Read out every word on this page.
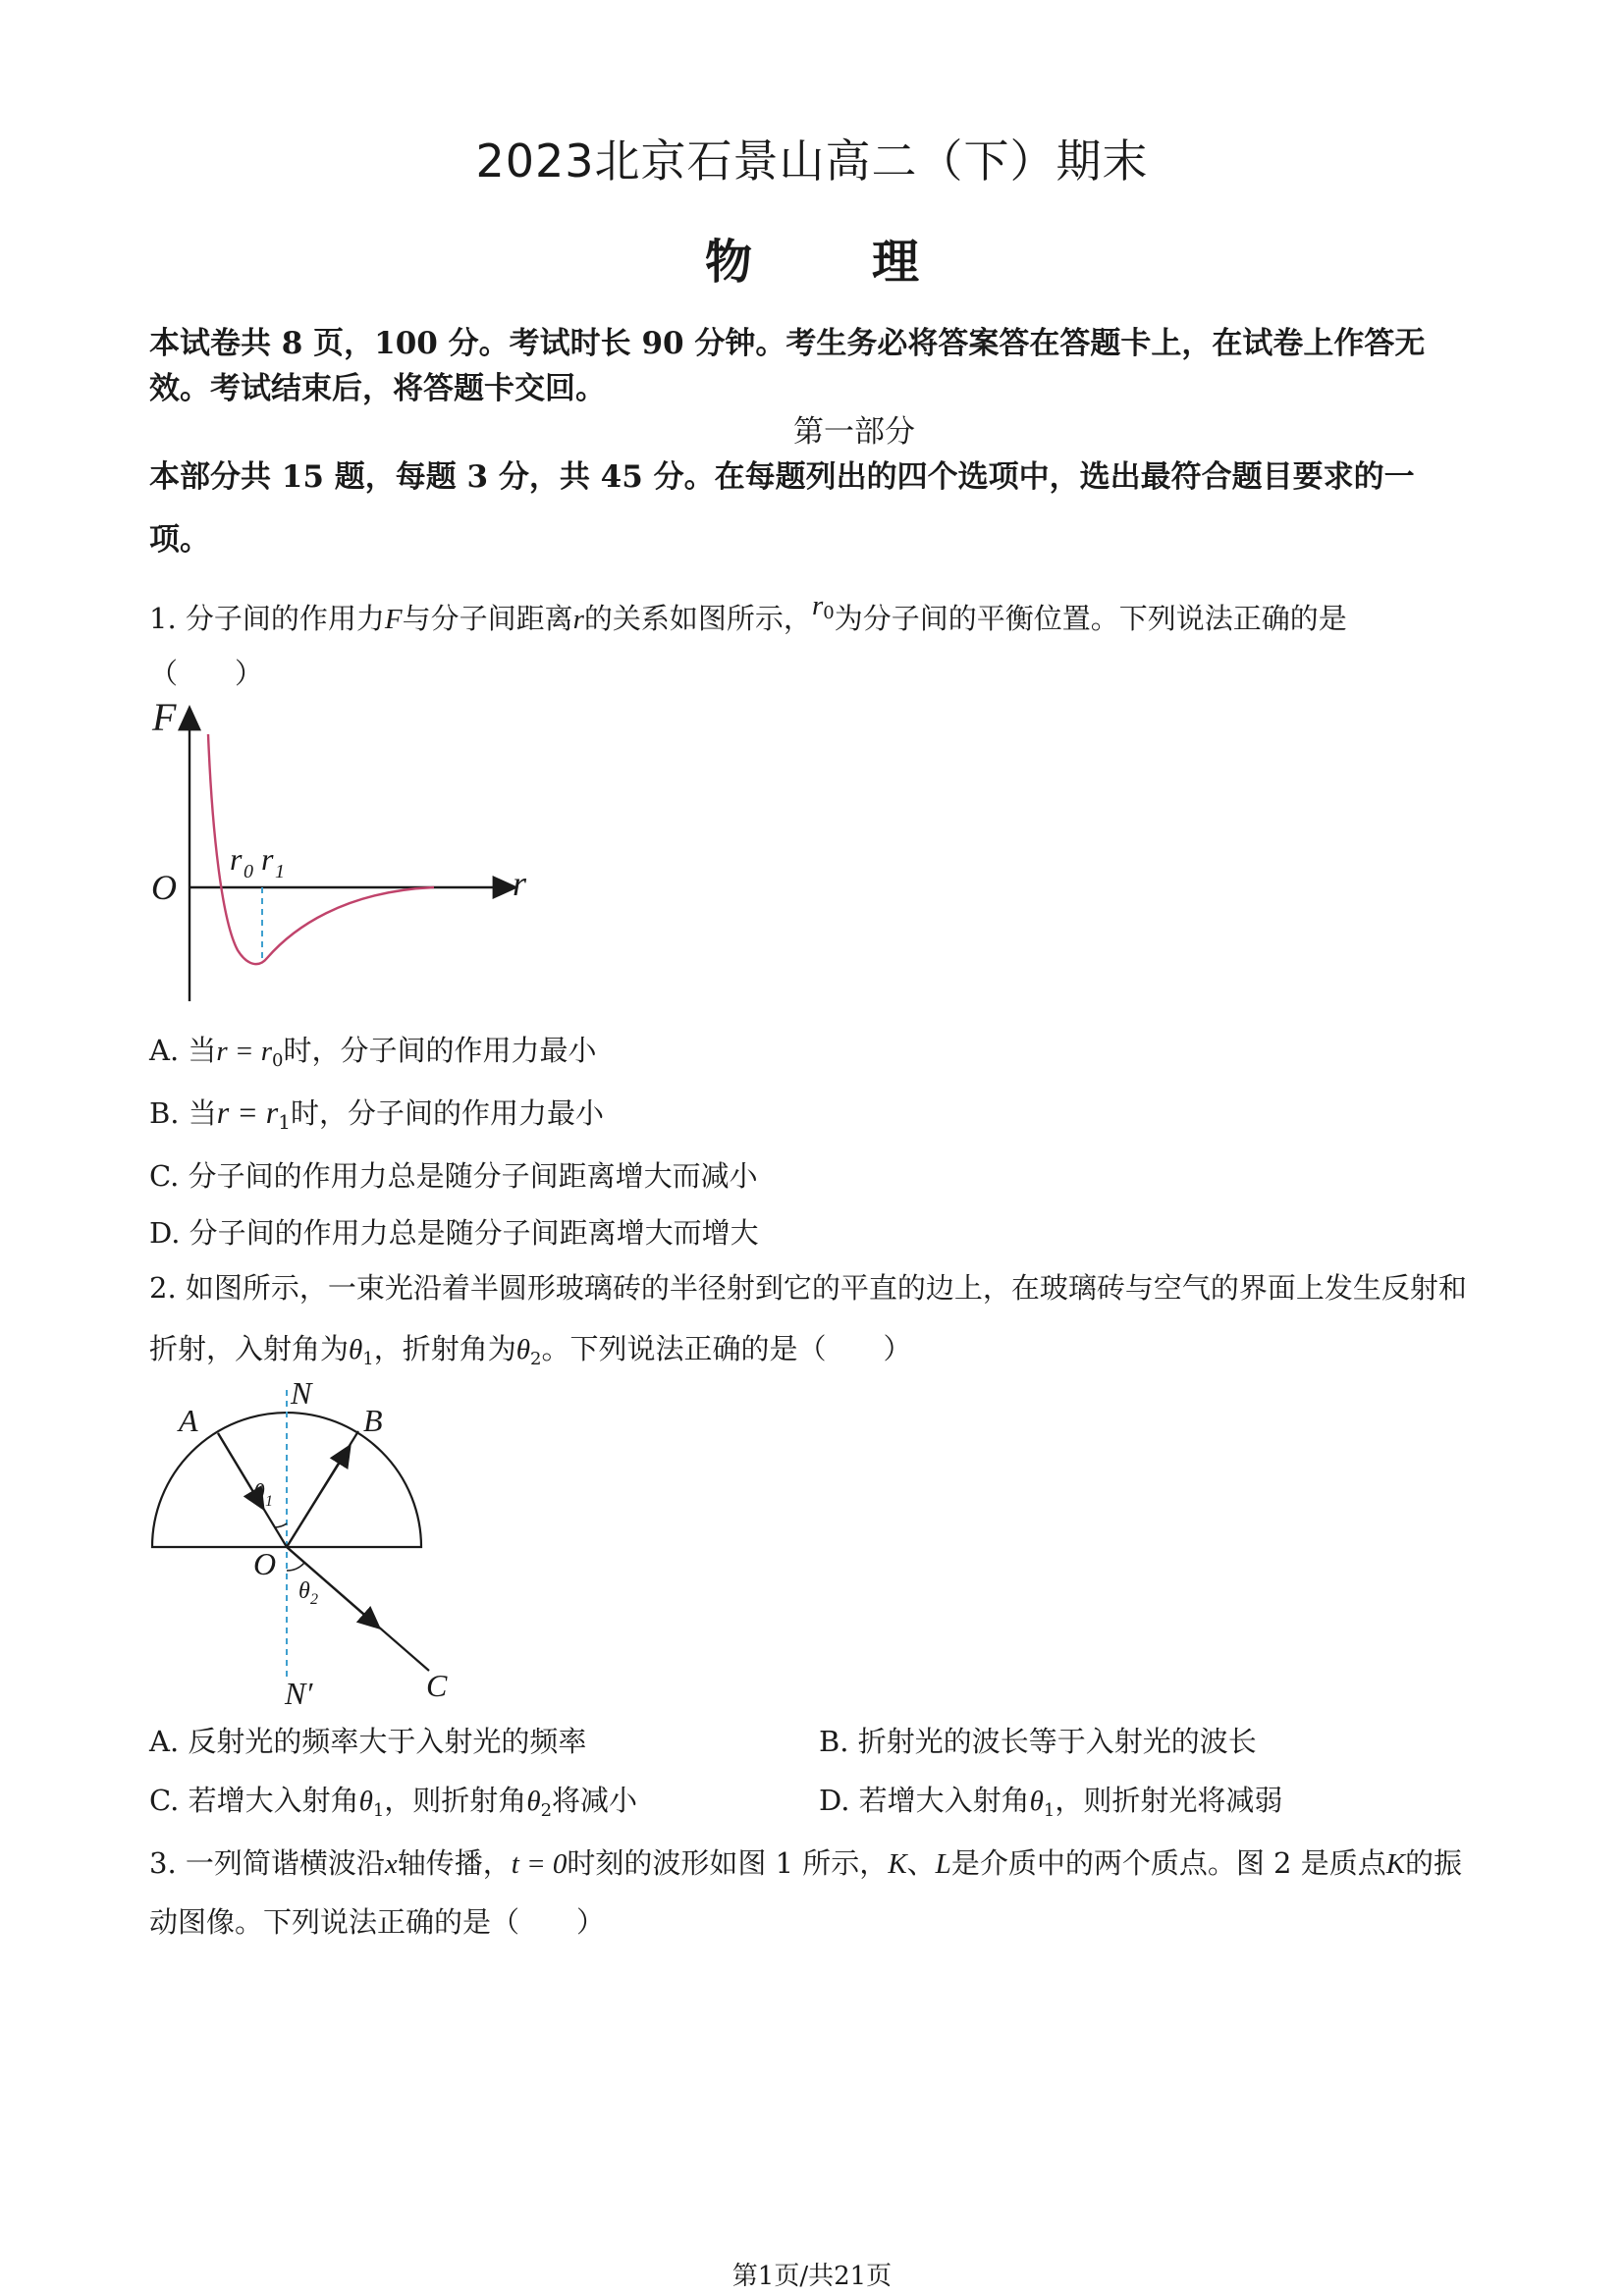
2023北京石景山高二（下）期末
物	理
本试卷共 8 页，100 分。考试时长 90 分钟。考生务必将答案答在答题卡上，在试卷上作答无
效。考试结束后，将答题卡交回。
第一部分
本部分共 15 题，每题 3 分，共 45 分。在每题列出的四个选项中，选出最符合题目要求的一
项。
1. 分子间的作用力F与分子间距离r的关系如图所示，$r^0$为分子间的平衡位置。下列说法正确的是
（　　）
F
r
O
r 0 r 1
A. 当$r = r_0$时，分子间的作用力最小
B. 当$r = r_1$时，分子间的作用力最小
C. 分子间的作用力总是随分子间距离增大而减小
D. 分子间的作用力总是随分子间距离增大而增大
2. 如图所示，一束光沿着半圆形玻璃砖的半径射到它的平直的边上，在玻璃砖与空气的界面上发生反射和
折射，入射角为$\theta_1$，折射角为$\theta_2$。下列说法正确的是（　　）
N
N′
A	B
C
O
θ 1
θ 2
A. 反射光的频率大于入射光的频率	B. 折射光的波长等于入射光的波长
C. 若增大入射角$\theta_1$，则折射角$\theta_2$将减小	D. 若增大入射角$\theta_1$，则折射光将减弱
3. 一列简谐横波沿x轴传播，t = 0时刻的波形如图 1 所示，K、L是介质中的两个质点。图 2 是质点K的振
动图像。下列说法正确的是（　　）
第1页/共21页
